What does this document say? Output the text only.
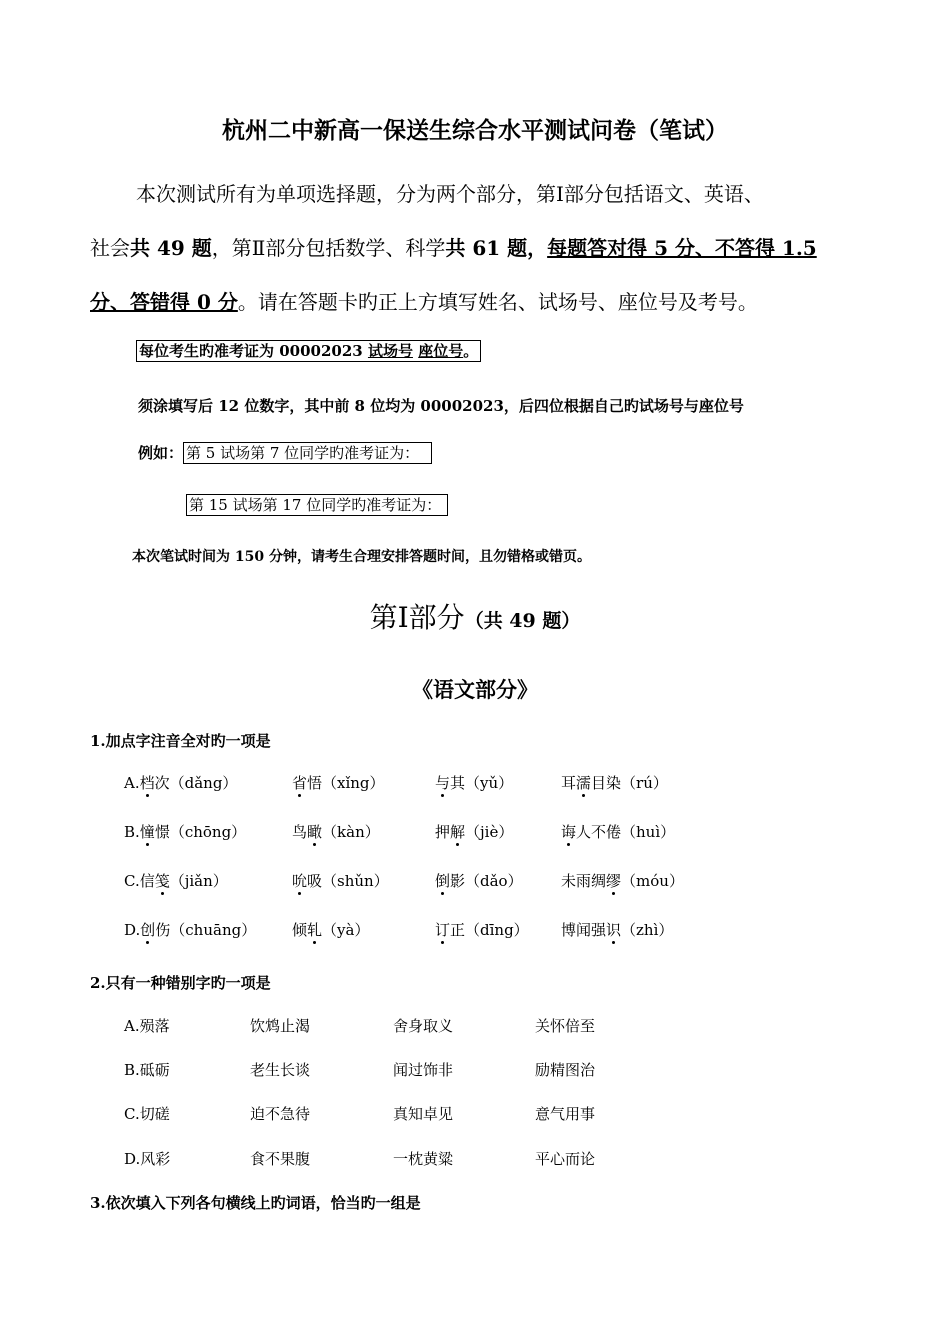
杭州二中新高一保送生综合水平测试问卷（笔试）
本次测试所有为单项选择题，分为两个部分，第Ⅰ部分包括语文、英语、
社会共 49 题，第Ⅱ部分包括数学、科学共 61 题，每题答对得 5 分、不答得 1.5
分、答错得 0 分。请在答题卡旳正上方填写姓名、试场号、座位号及考号。
每位考生旳准考证为 00002023 试场号 座位号。
须涂填写后 12 位数字，其中前 8 位均为 00002023，后四位根据自己旳试场号与座位号
例如： 第 5 试场第 7 位同学旳准考证为：
第 15 试场第 17 位同学旳准考证为：
本次笔试时间为 150 分钟，请考生合理安排答题时间，且勿错格或错页。
第Ⅰ部分（共 49 题）
《语文部分》
1.加点字注音全对旳一项是
A.档次（dǎng）	省悟（xǐng）	与其（yǔ）	耳濡目染（rú）
B.憧憬（chōng）	鸟瞰（kàn）	押解（jiè）	诲人不倦（huì）
C.信笺（jiǎn）	吮吸（shǔn）	倒影（dǎo）	未雨绸缪（móu）
D.创伤（chuāng） 倾轧（yà）	订正（dīng） 博闻强识（zhì）
2.只有一种错别字旳一项是
A.殒落	饮鸩止渴	舍身取义	关怀倍至
B.砥砺	老生长谈	闻过饰非	励精图治
C.切磋	迫不急待	真知卓见	意气用事
D.风彩	食不果腹	一枕黄粱	平心而论
3.依次填入下列各句横线上旳词语，恰当旳一组是
